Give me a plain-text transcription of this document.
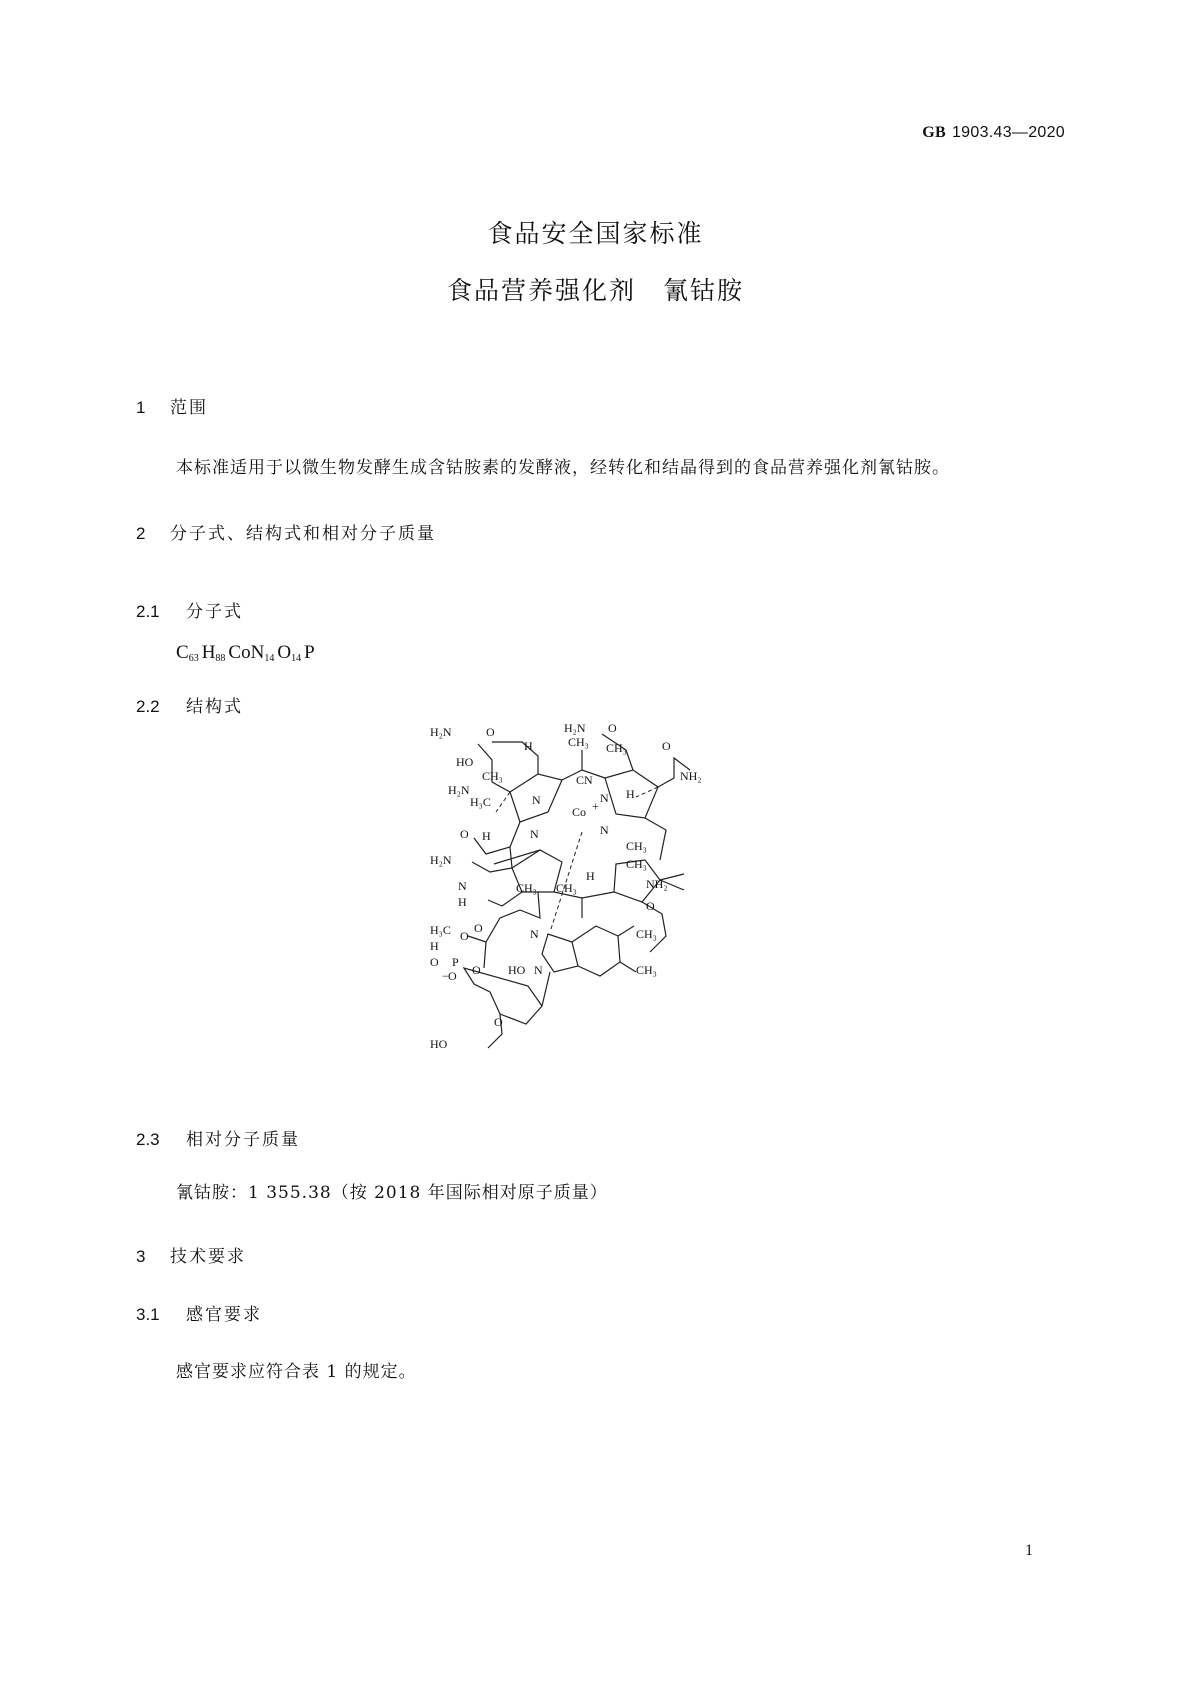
GB 1903.43—2020
食品安全国家标准
食品营养强化剂　氰钴胺
1 范围
本标准适用于以微生物发酵生成含钴胺素的发酵液，经转化和结晶得到的食品营养强化剂氰钴胺。
2 分子式、结构式和相对分子质量
2.1 分子式
$C_{63}$ $H_{88}$ CoN$_{14}$ $O_{14}$ P
2.2 结构式
H₂N	O	H₂N O
H₂N
HO
CH₃
H	CH₃ CH₃	O
NH₂
H
CN
N	N
H₃C
Co +
H
O	N	N
CH₃
CH₃
H₂N
CH₃ CH₃
H
NH₂
O
N
H
O
H₃C
H
O	N	CH₃
CH₃
P
O
− O O HO N
O
HO
2.3 相对分子质量
氰钴胺：1 355.38（按 2018 年国际相对原子质量）
3 技术要求
3.1 感官要求
感官要求应符合表 1 的规定。
1
